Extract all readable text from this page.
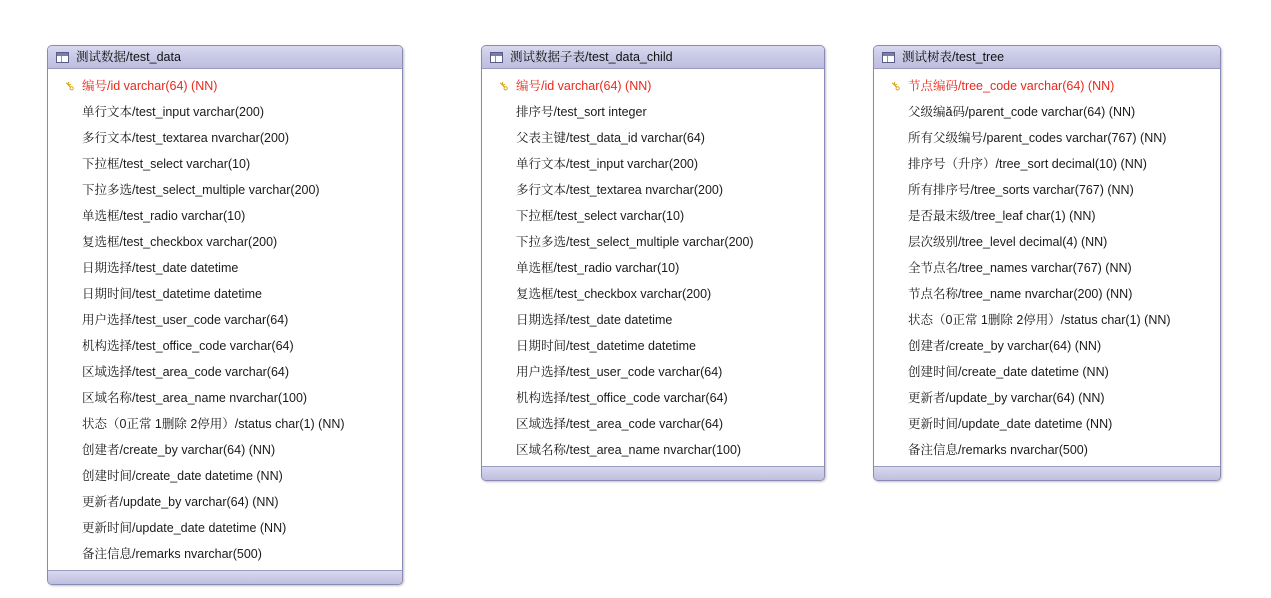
测试数据/test_data
⚷ 编号/id varchar(64) (NN)
单行文本/test_input varchar(200)
多行文本/test_textarea nvarchar(200)
下拉框/test_select varchar(10)
下拉多选/test_select_multiple varchar(200)
单选框/test_radio varchar(10)
复选框/test_checkbox varchar(200)
日期选择/test_date datetime
日期时间/test_datetime datetime
用户选择/test_user_code varchar(64)
机构选择/test_office_code varchar(64)
区域选择/test_area_code varchar(64)
区域名称/test_area_name nvarchar(100)
状态（0正常 1删除 2停用）/status char(1) (NN)
创建者/create_by varchar(64) (NN)
创建时间/create_date datetime (NN)
更新者/update_by varchar(64) (NN)
更新时间/update_date datetime (NN)
备注信息/remarks nvarchar(500)
测试数据子表/test_data_child
⚷ 编号/id varchar(64) (NN)
排序号/test_sort integer
父表主键/test_data_id varchar(64)
单行文本/test_input varchar(200)
多行文本/test_textarea nvarchar(200)
下拉框/test_select varchar(10)
下拉多选/test_select_multiple varchar(200)
单选框/test_radio varchar(10)
复选框/test_checkbox varchar(200)
日期选择/test_date datetime
日期时间/test_datetime datetime
用户选择/test_user_code varchar(64)
机构选择/test_office_code varchar(64)
区域选择/test_area_code varchar(64)
区域名称/test_area_name nvarchar(100)
测试树表/test_tree
⚷ 节点编码/tree_code varchar(64) (NN)
父级编ă码/parent_code varchar(64) (NN)
所有父级编号/parent_codes varchar(767) (NN)
排序号（升序）/tree_sort decimal(10) (NN)
所有排序号/tree_sorts varchar(767) (NN)
是否最末级/tree_leaf char(1) (NN)
层次级别/tree_level decimal(4) (NN)
全节点名/tree_names varchar(767) (NN)
节点名称/tree_name nvarchar(200) (NN)
状态（0正常 1删除 2停用）/status char(1) (NN)
创建者/create_by varchar(64) (NN)
创建时间/create_date datetime (NN)
更新者/update_by varchar(64) (NN)
更新时间/update_date datetime (NN)
备注信息/remarks nvarchar(500)
